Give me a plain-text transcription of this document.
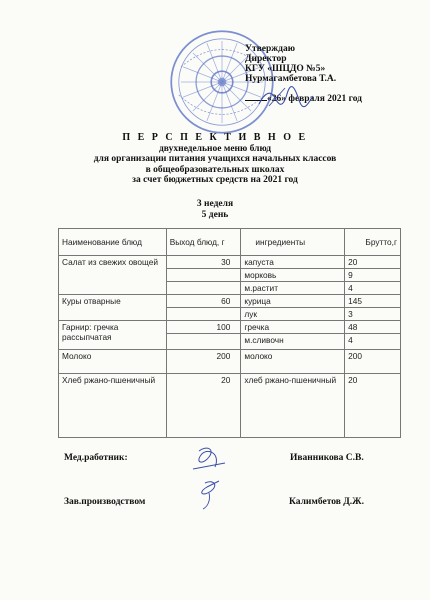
Утверждаю
Директор
КГУ «ШЦДО №5»
Нурмагамбетова Т.А.
«26» февраля 2021 год
П Е Р С П Е К Т И В Н О Е
двухнедельное меню блюд
для организации питания учащихся начальных классов
в общеобразовательных школах
за счет бюджетных средств на 2021 год
3 неделя
5 день
Наименование блюд	Выход блюд, г	ингредиенты	Брутто,г
Салат из свежих овощей	30	капуста	20
		морковь	9
		м.растит	4
Куры отварные	60	курица	145
		лук	3
Гарнир: гречка рассыпчатая	100	гречка	48
		м.сливочн	4
Молоко	200	молоко	200
Хлеб ржано-пшеничный	20	хлеб ржано-пшеничный	20
Мед.работник:	Иванникова С.В.
Зав.производством	Калимбетов Д.Ж.
